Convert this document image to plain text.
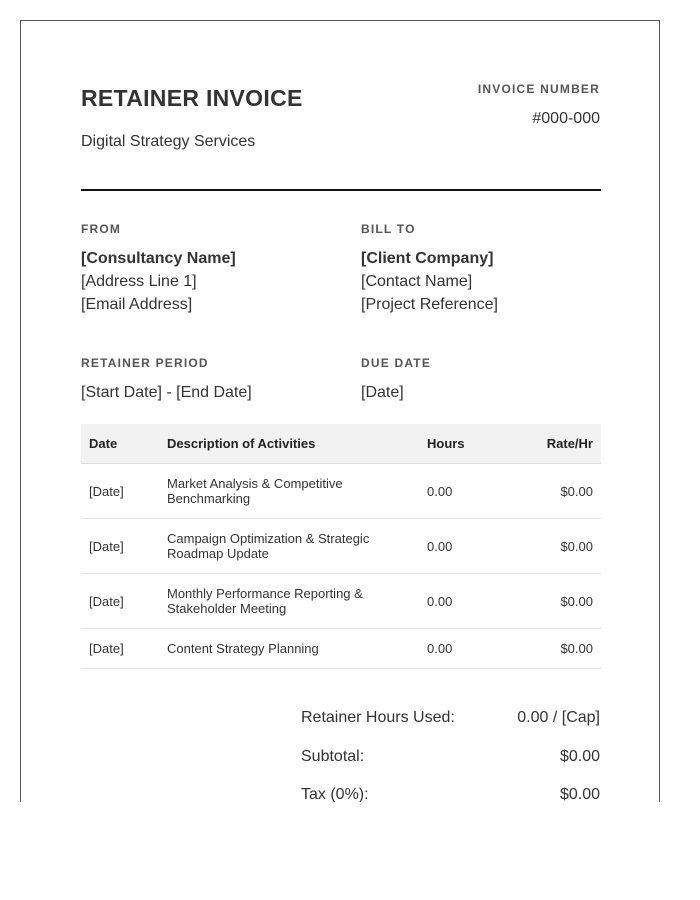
RETAINER INVOICE
Digital Strategy Services
INVOICE NUMBER
#000-000
FROM
[Consultancy Name]
[Address Line 1]
[Email Address]
BILL TO
[Client Company]
[Contact Name]
[Project Reference]
RETAINER PERIOD
[Start Date] - [End Date]
DUE DATE
[Date]
Date	Description of Activities	Hours	Rate/Hr
[Date]	Market Analysis & Competitive Benchmarking	0.00	$0.00
[Date]	Campaign Optimization & Strategic Roadmap Update	0.00	$0.00
[Date]	Monthly Performance Reporting & Stakeholder Meeting	0.00	$0.00
[Date]	Content Strategy Planning	0.00	$0.00
Retainer Hours Used:	0.00 / [Cap]
Subtotal:	$0.00
Tax (0%):	$0.00
